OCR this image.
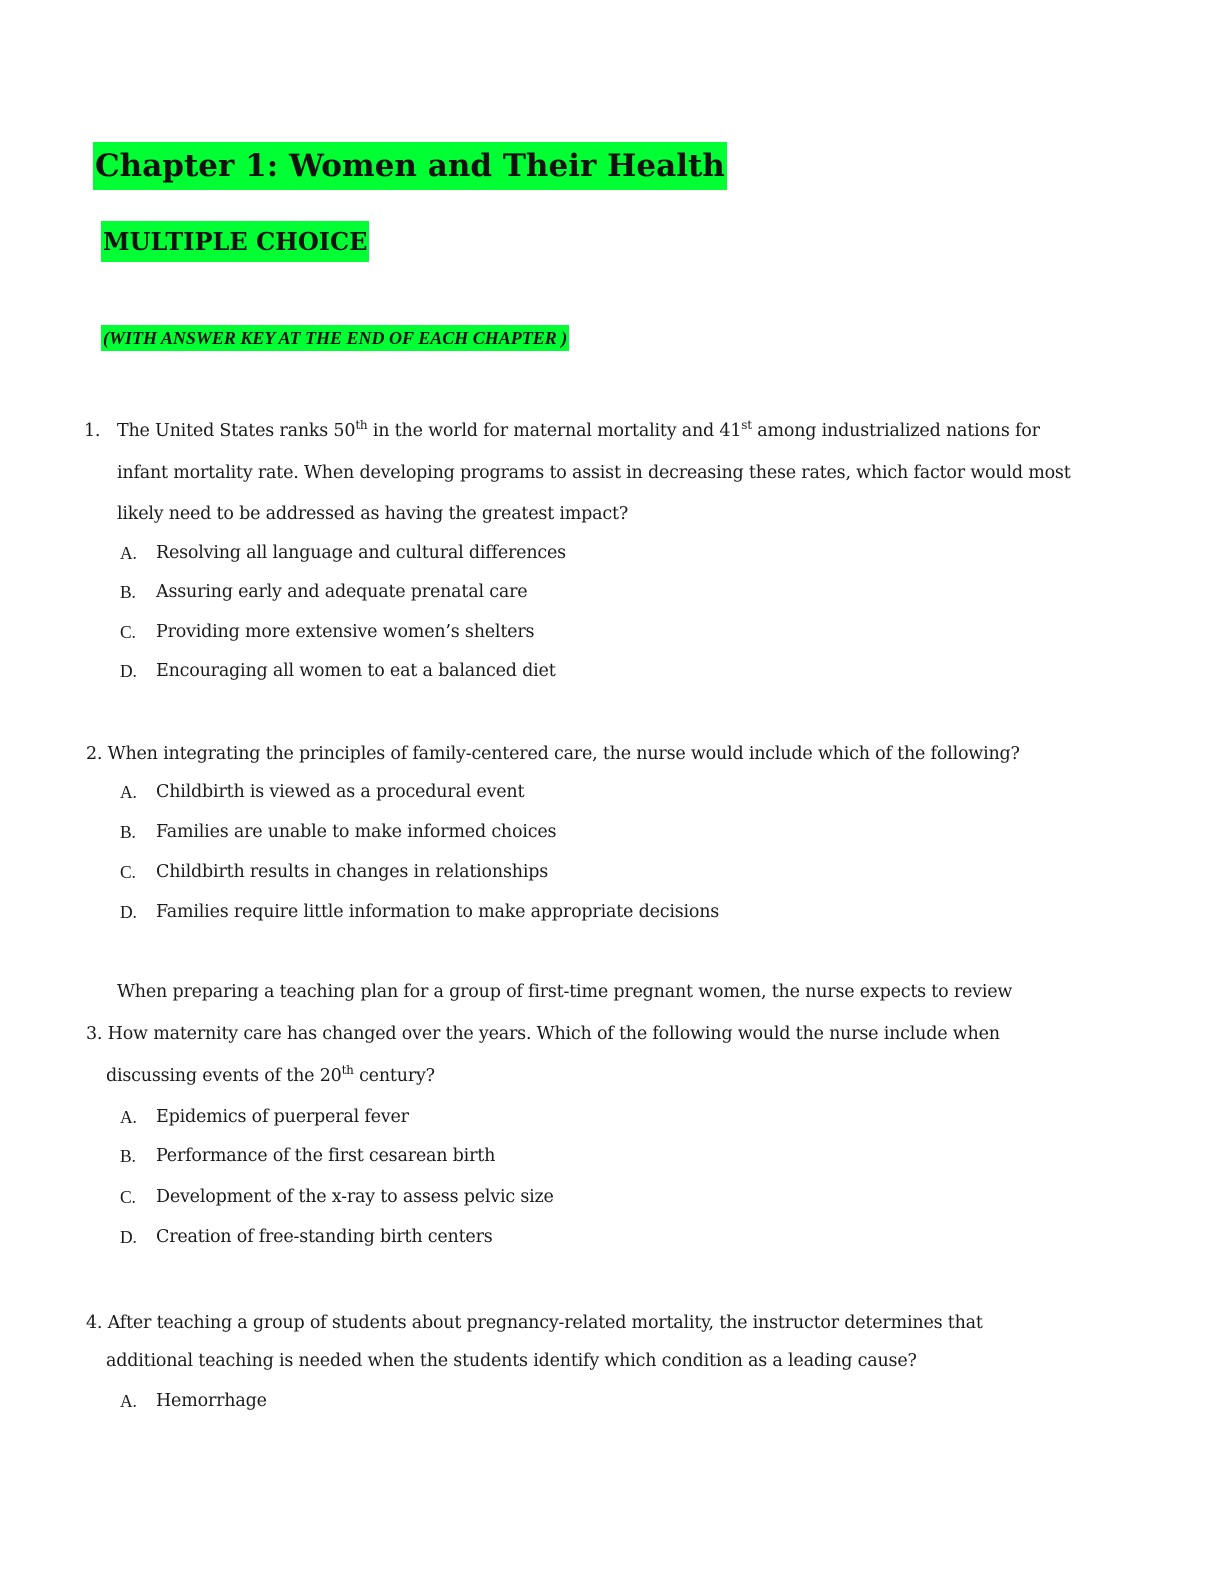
Chapter 1: Women and Their Health
MULTIPLE CHOICE
(WITH ANSWER KEY AT THE END OF EACH CHAPTER )
1. The United States ranks 50th in the world for maternal mortality and 41st among industrialized nations for
infant mortality rate. When developing programs to assist in decreasing these rates, which factor would most
likely need to be addressed as having the greatest impact?
A. Resolving all language and cultural differences
B. Assuring early and adequate prenatal care
C. Providing more extensive women’s shelters
D. Encouraging all women to eat a balanced diet
2. When integrating the principles of family-centered care, the nurse would include which of the following?
A. Childbirth is viewed as a procedural event
B. Families are unable to make informed choices
C. Childbirth results in changes in relationships
D. Families require little information to make appropriate decisions
When preparing a teaching plan for a group of first-time pregnant women, the nurse expects to review
3. How maternity care has changed over the years. Which of the following would the nurse include when
discussing events of the 20th century?
A. Epidemics of puerperal fever
B. Performance of the first cesarean birth
C. Development of the x-ray to assess pelvic size
D. Creation of free-standing birth centers
4. After teaching a group of students about pregnancy-related mortality, the instructor determines that
additional teaching is needed when the students identify which condition as a leading cause?
A. Hemorrhage
